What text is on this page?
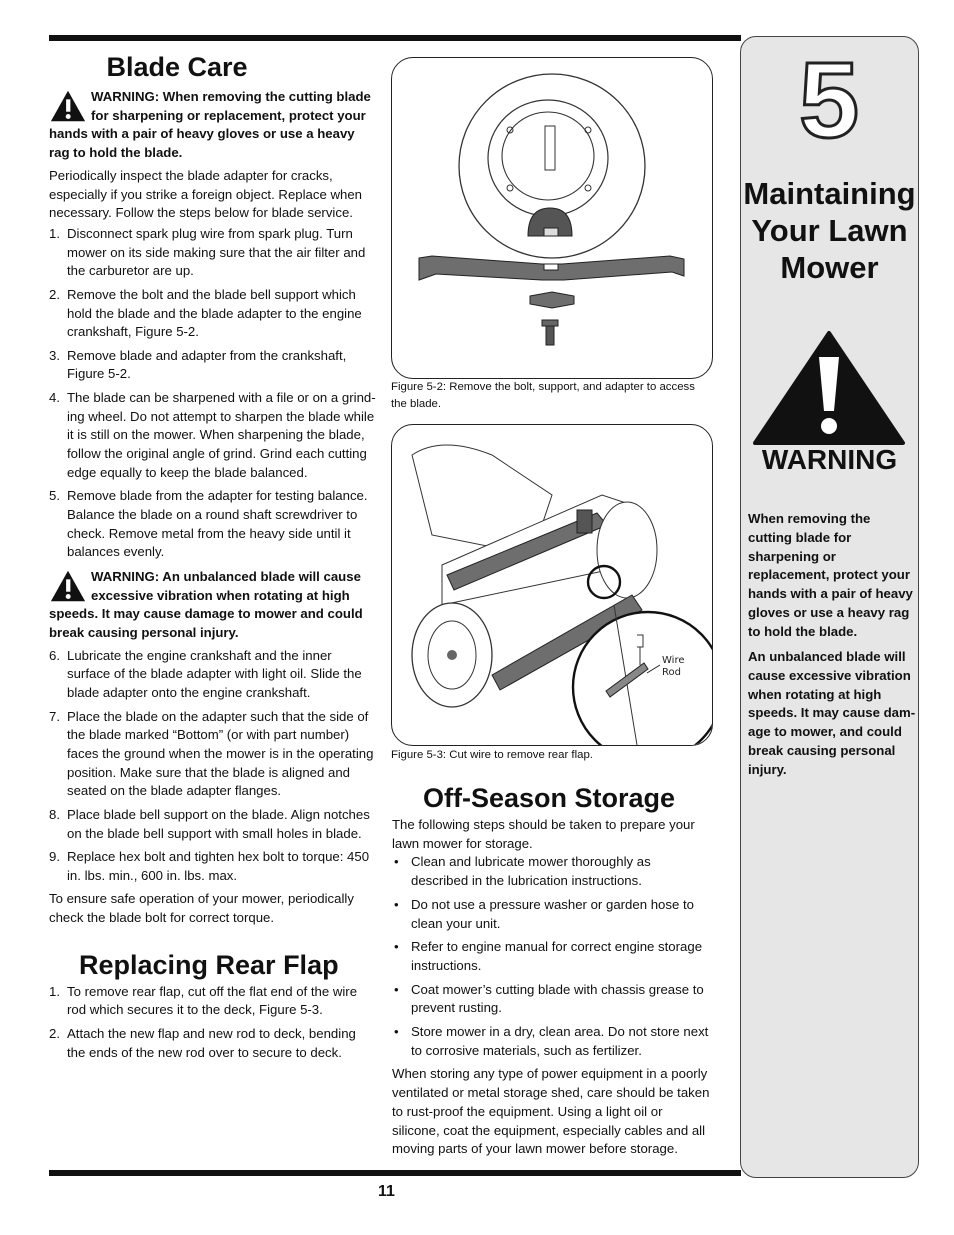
Blade Care
WARNING: When removing the cutting blade for sharpening or replacement, protect your hands with a pair of heavy gloves or use a heavy rag to hold the blade.

Periodically inspect the blade adapter for cracks, especially if you strike a foreign object. Replace when necessary. Follow the steps below for blade service.

1. Disconnect spark plug wire from spark plug. Turn mower on its side making sure that the air filter and the carburetor are up.
2. Remove the bolt and the blade bell support which hold the blade and the blade adapter to the engine crankshaft, Figure 5-2.
3. Remove blade and adapter from the crankshaft, Figure 5-2.
4. The blade can be sharpened with a file or on a grind-ing wheel. Do not attempt to sharpen the blade while it is still on the mower. When sharpening the blade, follow the original angle of grind. Grind each cutting edge equally to keep the blade balanced.
5. Remove blade from the adapter for testing balance. Balance the blade on a round shaft screwdriver to check. Remove metal from the heavy side until it balances evenly.
WARNING: An unbalanced blade will cause excessive vibration when rotating at high speeds. It may cause damage to mower and could break causing personal injury.
6. Lubricate the engine crankshaft and the inner surface of the blade adapter with light oil. Slide the blade adapter onto the engine crankshaft.
7. Place the blade on the adapter such that the side of the blade marked “Bottom” (or with part number) faces the ground when the mower is in the operating position. Make sure that the blade is aligned and seated on the blade adapter flanges.
8. Place blade bell support on the blade. Align notches on the blade bell support with small holes in blade.
9. Replace hex bolt and tighten hex bolt to torque: 450 in. lbs. min., 600 in. lbs. max.

To ensure safe operation of your mower, periodically check the blade bolt for correct torque.

Replacing Rear Flap
1. To remove rear flap, cut off the flat end of the wire rod which secures it to the deck, Figure 5-3.
2. Attach the new flap and new rod to deck, bending the ends of the new rod over to secure to deck.
Figure 5-2: Remove the bolt, support, and adapter to access the blade.
Wire
Rod
Figure 5-3: Cut wire to remove rear flap.
Off-Season Storage

The following steps should be taken to prepare your lawn mower for storage.

• Clean and lubricate mower thoroughly as described in the lubrication instructions.
• Do not use a pressure washer or garden hose to clean your unit.
• Refer to engine manual for correct engine storage instructions.
• Coat mower’s cutting blade with chassis grease to prevent rusting.
• Store mower in a dry, clean area. Do not store next to corrosive materials, such as fertilizer.

When storing any type of power equipment in a poorly ventilated or metal storage shed, care should be taken to rust-proof the equipment. Using a light oil or silicone, coat the equipment, especially cables and all moving parts of your lawn mower before storage.

5
Maintaining
Your Lawn
Mower
WARNING

When removing the cutting blade for sharpening or replacement, protect your hands with a pair of heavy gloves or use a heavy rag to hold the blade.

An unbalanced blade will cause excessive vibration when rotating at high speeds. It may cause dam-age to mower, and could break causing personal injury.

11
